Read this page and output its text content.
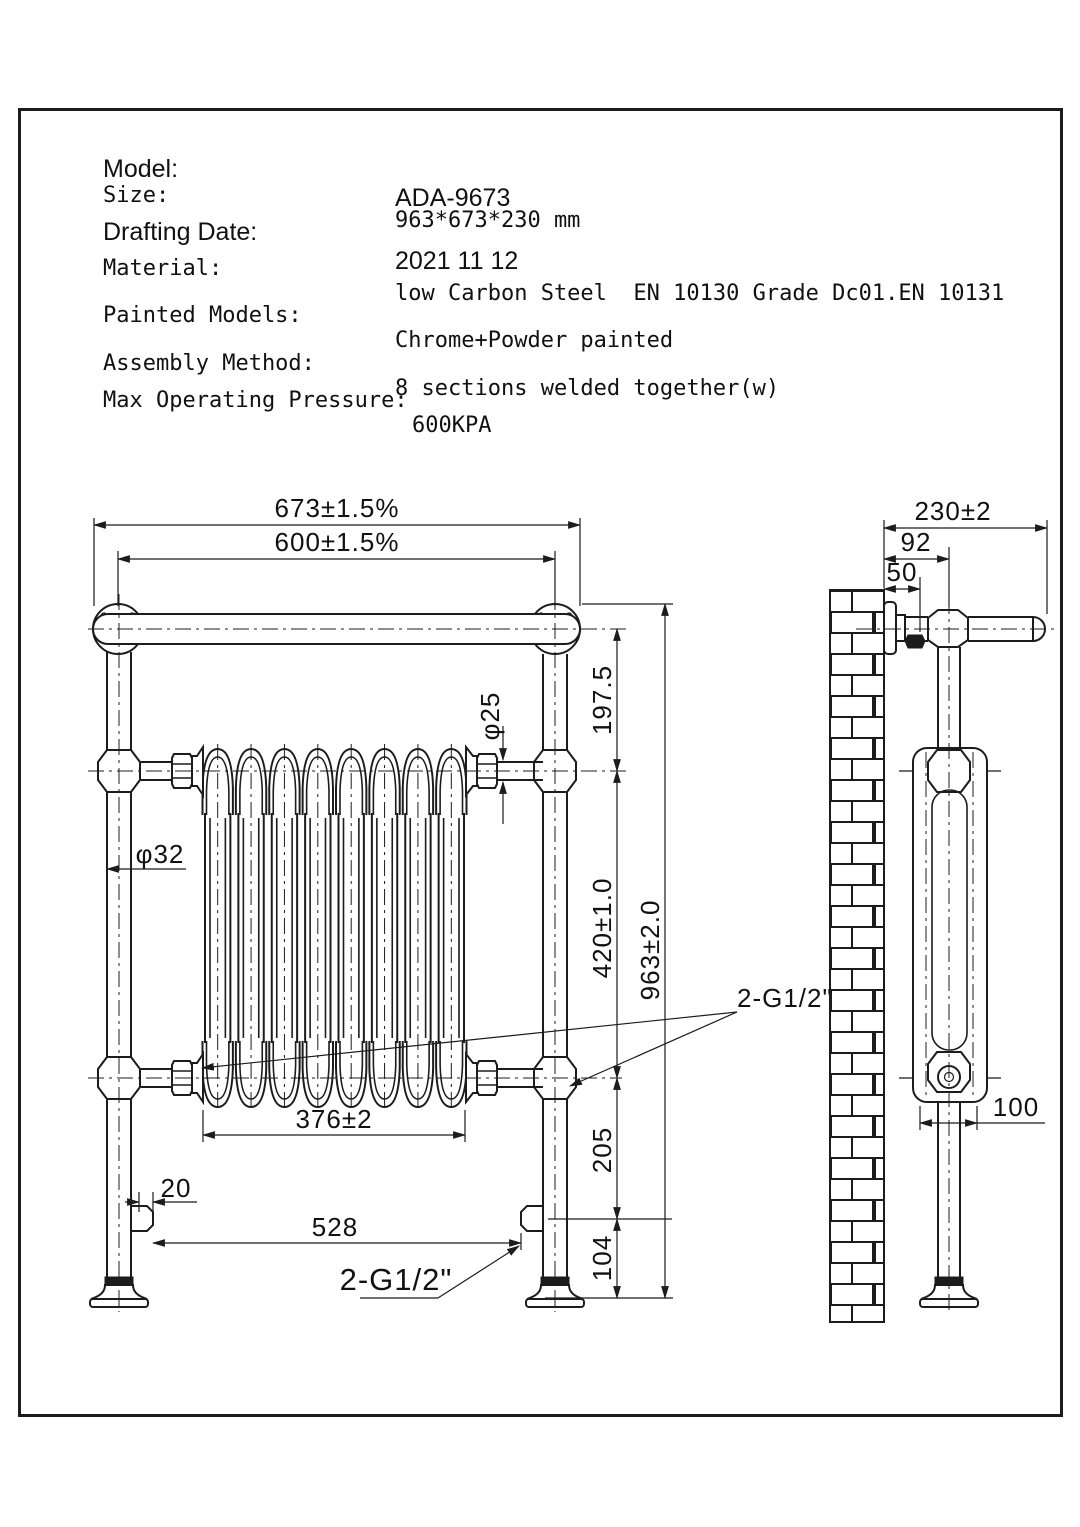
Model:

ADA-9673

Size:

963*673*230 mm

Drafting Date:

2021 11 12

Material:

low Carbon Steel  EN 10130 Grade Dc01.EN 10131

Painted Models:

Chrome+Powder painted

Assembly Method:

8 sections welded together(w)

Max Operating Pressure:

600KPA

673±1.5%
600±1.5%
197.5
963±2.0
420±1.0
φ25
φ32
2-G1/2"
376±2
205
104
20
528
2-G1/2"
230±2
92
50
100
